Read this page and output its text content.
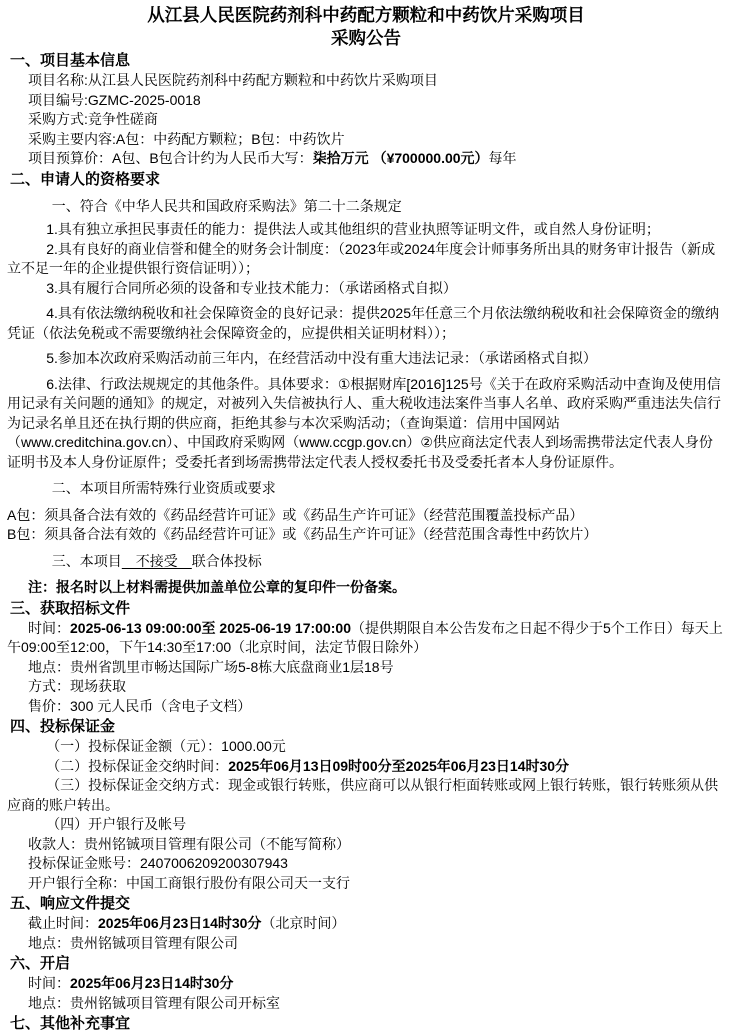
从江县人民医院药剂科中药配方颗粒和中药饮片采购项目
采购公告
一、项目基本信息

项目名称:从江县人民医院药剂科中药配方颗粒和中药饮片采购项目

项目编号:GZMC-2025-0018

采购方式:竞争性磋商

采购主要内容:A包：中药配方颗粒；B包：中药饮片

项目预算价：A包、B包合计约为人民币大写：柒拾万元 （¥700000.00元）每年

二、申请人的资格要求

一、符合《中华人民共和国政府采购法》第二十二条规定

1.具有独立承担民事责任的能力：提供法人或其他组织的营业执照等证明文件，或自然人身份证明；

2.具有良好的商业信誉和健全的财务会计制度：（2023年或2024年度会计师事务所出具的财务审计报告（新成立不足一年的企业提供银行资信证明））；

3.具有履行合同所必须的设备和专业技术能力：（承诺函格式自拟）

4.具有依法缴纳税收和社会保障资金的良好记录：提供2025年任意三个月依法缴纳税收和社会保障资金的缴纳凭证（依法免税或不需要缴纳社会保障资金的，应提供相关证明材料））；

5.参加本次政府采购活动前三年内，在经营活动中没有重大违法记录：（承诺函格式自拟）

6.法律、行政法规规定的其他条件。具体要求：①根据财库[2016]125号《关于在政府采购活动中查询及使用信用记录有关问题的通知》的规定，对被列入失信被执行人、重大税收违法案件当事人名单、政府采购严重违法失信行为记录名单且还在执行期的供应商，拒绝其参与本次采购活动；（查询渠道：信用中国网站（www.creditchina.gov.cn）、中国政府采购网（www.ccgp.gov.cn）②供应商法定代表人到场需携带法定代表人身份证明书及本人身份证原件；受委托者到场需携带法定代表人授权委托书及受委托者本人身份证原件。

二、本项目所需特殊行业资质或要求

A包：须具备合法有效的《药品经营许可证》或《药品生产许可证》（经营范围覆盖投标产品）

B包：须具备合法有效的《药品经营许可证》或《药品生产许可证》（经营范围含毒性中药饮片）

三、本项目　不接受　联合体投标

注：报名时以上材料需提供加盖单位公章的复印件一份备案。

三、获取招标文件

时间：2025-06-13 09:00:00至 2025-06-19 17:00:00（提供期限自本公告发布之日起不得少于5个工作日）每天上午09:00至12:00，下午14:30至17:00（北京时间，法定节假日除外）

地点：贵州省凯里市畅达国际广场5-8栋大底盘商业1层18号

方式：现场获取

售价：300 元人民币（含电子文档）

四、投标保证金

（一）投标保证金额（元）：1000.00元

（二）投标保证金交纳时间：2025年06月13日09时00分至2025年06月23日14时30分

（三）投标保证金交纳方式：现金或银行转账，供应商可以从银行柜面转账或网上银行转账，银行转账须从供应商的账户转出。

（四）开户银行及帐号

收款人：贵州铭铖项目管理有限公司（不能写简称）

投标保证金账号：2407006209200307943

开户银行全称：中国工商银行股份有限公司天一支行

五、响应文件提交

截止时间：2025年06月23日14时30分（北京时间）

地点：贵州铭铖项目管理有限公司

六、开启

时间：2025年06月23日14时30分

地点：贵州铭铖项目管理有限公司开标室

七、其他补充事宜
